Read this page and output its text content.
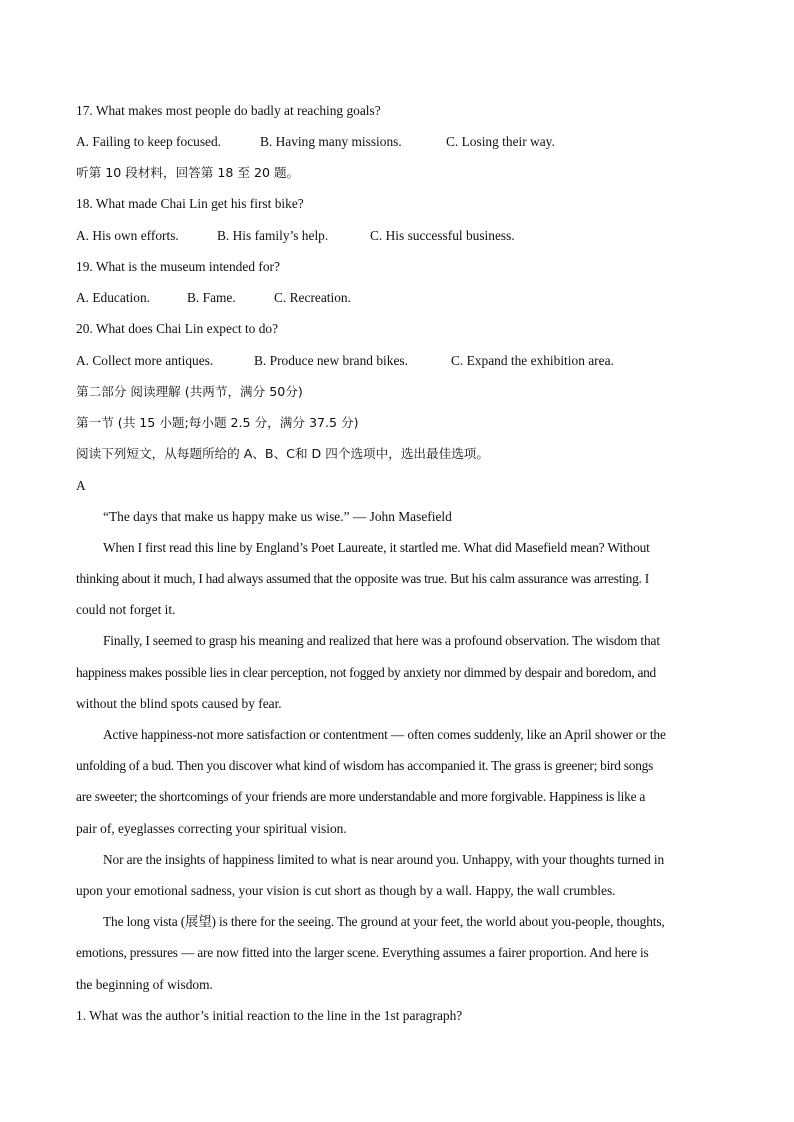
17. What makes most people do badly at reaching goals?
A. Failing to keep focused.	B. Having many missions.	C. Losing their way.
听第 10 段材料，回答第 18 至 20 题。
18. What made Chai Lin get his first bike?
A. His own efforts.	B. His family’s help.	C. His successful business.
19. What is the museum intended for?
A. Education.	B. Fame.	C. Recreation.
20. What does Chai Lin expect to do?
A. Collect more antiques.	B. Produce new brand bikes.	C. Expand the exhibition area.
第二部分 阅读理解 (共两节，满分 50分)
第一节 (共 15 小题;每小题 2.5 分，满分 37.5 分)
阅读下列短文，从每题所给的 A、B、C和 D 四个选项中，选出最佳选项。
A
“The days that make us happy make us wise.” — John Masefield
When I first read this line by England’s Poet Laureate, it startled me. What did Masefield mean? Without
thinking about it much, I had always assumed that the opposite was true. But his calm assurance was arresting. I
could not forget it.
Finally, I seemed to grasp his meaning and realized that here was a profound observation. The wisdom that
happiness makes possible lies in clear perception, not fogged by anxiety nor dimmed by despair and boredom, and
without the blind spots caused by fear.
Active happiness-not more satisfaction or contentment — often comes suddenly, like an April shower or the
unfolding of a bud. Then you discover what kind of wisdom has accompanied it. The grass is greener; bird songs
are sweeter; the shortcomings of your friends are more understandable and more forgivable. Happiness is like a
pair of, eyeglasses correcting your spiritual vision.
Nor are the insights of happiness limited to what is near around you. Unhappy, with your thoughts turned in
upon your emotional sadness, your vision is cut short as though by a wall. Happy, the wall crumbles.
The long vista (展望) is there for the seeing. The ground at your feet, the world about you-people, thoughts,
emotions, pressures — are now fitted into the larger scene. Everything assumes a fairer proportion. And here is
the beginning of wisdom.
1. What was the author’s initial reaction to the line in the 1st paragraph?
